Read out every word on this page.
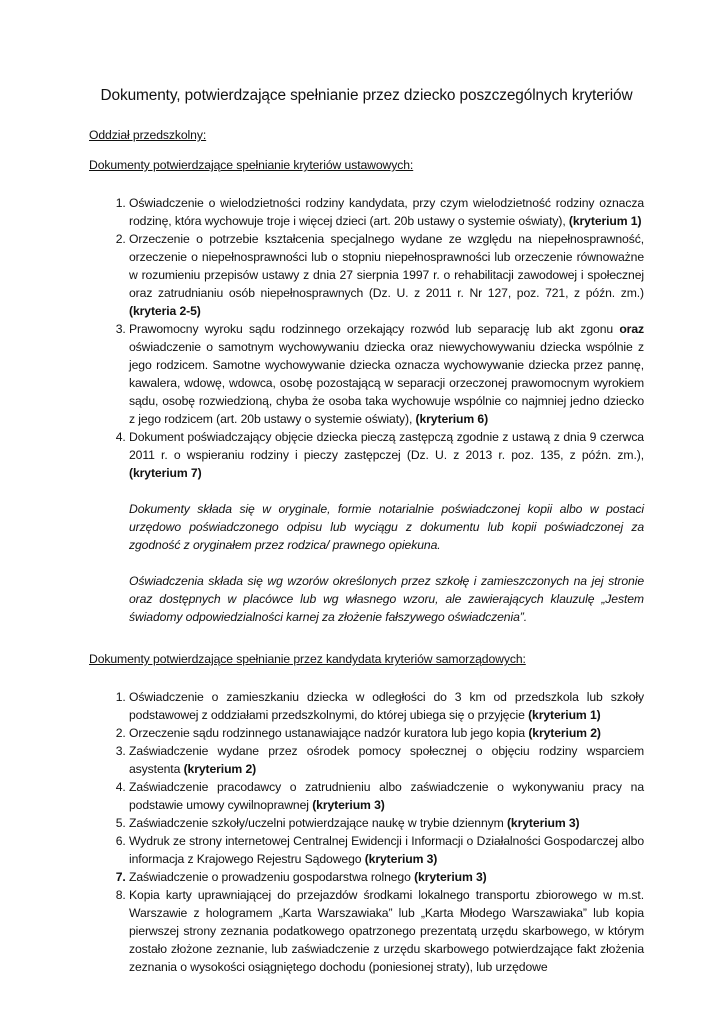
Dokumenty, potwierdzające spełnianie przez dziecko poszczególnych kryteriów

Oddział przedszkolny:

Dokumenty potwierdzające spełnianie kryteriów ustawowych:

1. Oświadczenie o wielodzietności rodziny kandydata, przy czym wielodzietność rodziny oznacza rodzinę, która wychowuje troje i więcej dzieci (art. 20b ustawy o systemie oświaty), (kryterium 1)
2. Orzeczenie o potrzebie kształcenia specjalnego wydane ze względu na niepełnosprawność, orzeczenie o niepełnosprawności lub o stopniu niepełnosprawności lub orzeczenie równoważne w rozumieniu przepisów ustawy z dnia 27 sierpnia 1997 r. o rehabilitacji zawodowej i społecznej oraz zatrudnianiu osób niepełnosprawnych (Dz. U. z 2011 r. Nr 127, poz. 721, z późn. zm.) (kryteria 2-5)
3. Prawomocny wyroku sądu rodzinnego orzekający rozwód lub separację lub akt zgonu oraz oświadczenie o samotnym wychowywaniu dziecka oraz niewychowywaniu dziecka wspólnie z jego rodzicem. Samotne wychowywanie dziecka oznacza wychowywanie dziecka przez pannę, kawalera, wdowę, wdowca, osobę pozostającą w separacji orzeczonej prawomocnym wyrokiem sądu, osobę rozwiedzioną, chyba że osoba taka wychowuje wspólnie co najmniej jedno dziecko z jego rodzicem (art. 20b ustawy o systemie oświaty), (kryterium 6)
4. Dokument poświadczający objęcie dziecka pieczą zastępczą zgodnie z ustawą z dnia 9 czerwca 2011 r. o wspieraniu rodziny i pieczy zastępczej (Dz. U. z 2013 r. poz. 135, z późn. zm.), (kryterium 7)

Dokumenty składa się w oryginale, formie notarialnie poświadczonej kopii albo w postaci urzędowo poświadczonego odpisu lub wyciągu z dokumentu lub kopii poświadczonej za zgodność z oryginałem przez rodzica/ prawnego opiekuna.

Oświadczenia składa się wg wzorów określonych przez szkołę i zamieszczonych na jej stronie oraz dostępnych w placówce lub wg własnego wzoru, ale zawierających klauzulę „Jestem świadomy odpowiedzialności karnej za złożenie fałszywego oświadczenia”.

Dokumenty potwierdzające spełnianie przez kandydata kryteriów samorządowych:

1. Oświadczenie o zamieszkaniu dziecka w odległości do 3 km od przedszkola lub szkoły podstawowej z oddziałami przedszkolnymi, do której ubiega się o przyjęcie (kryterium 1)
2. Orzeczenie sądu rodzinnego ustanawiające nadzór kuratora lub jego kopia (kryterium 2)
3. Zaświadczenie wydane przez ośrodek pomocy społecznej o objęciu rodziny wsparciem asystenta (kryterium 2)
4. Zaświadczenie pracodawcy o zatrudnieniu albo zaświadczenie o wykonywaniu pracy na podstawie umowy cywilnoprawnej (kryterium 3)
5. Zaświadczenie szkoły/uczelni potwierdzające naukę w trybie dziennym (kryterium 3)
6. Wydruk ze strony internetowej Centralnej Ewidencji i Informacji o Działalności Gospodarczej albo informacja z Krajowego Rejestru Sądowego (kryterium 3)
7. Zaświadczenie o prowadzeniu gospodarstwa rolnego (kryterium 3)
8. Kopia karty uprawniającej do przejazdów środkami lokalnego transportu zbiorowego w m.st. Warszawie z hologramem „Karta Warszawiaka” lub „Karta Młodego Warszawiaka” lub kopia pierwszej strony zeznania podatkowego opatrzonego prezentatą urzędu skarbowego, w którym zostało złożone zeznanie, lub zaświadczenie z urzędu skarbowego potwierdzające fakt złożenia zeznania o wysokości osiągniętego dochodu (poniesionej straty), lub urzędowe
